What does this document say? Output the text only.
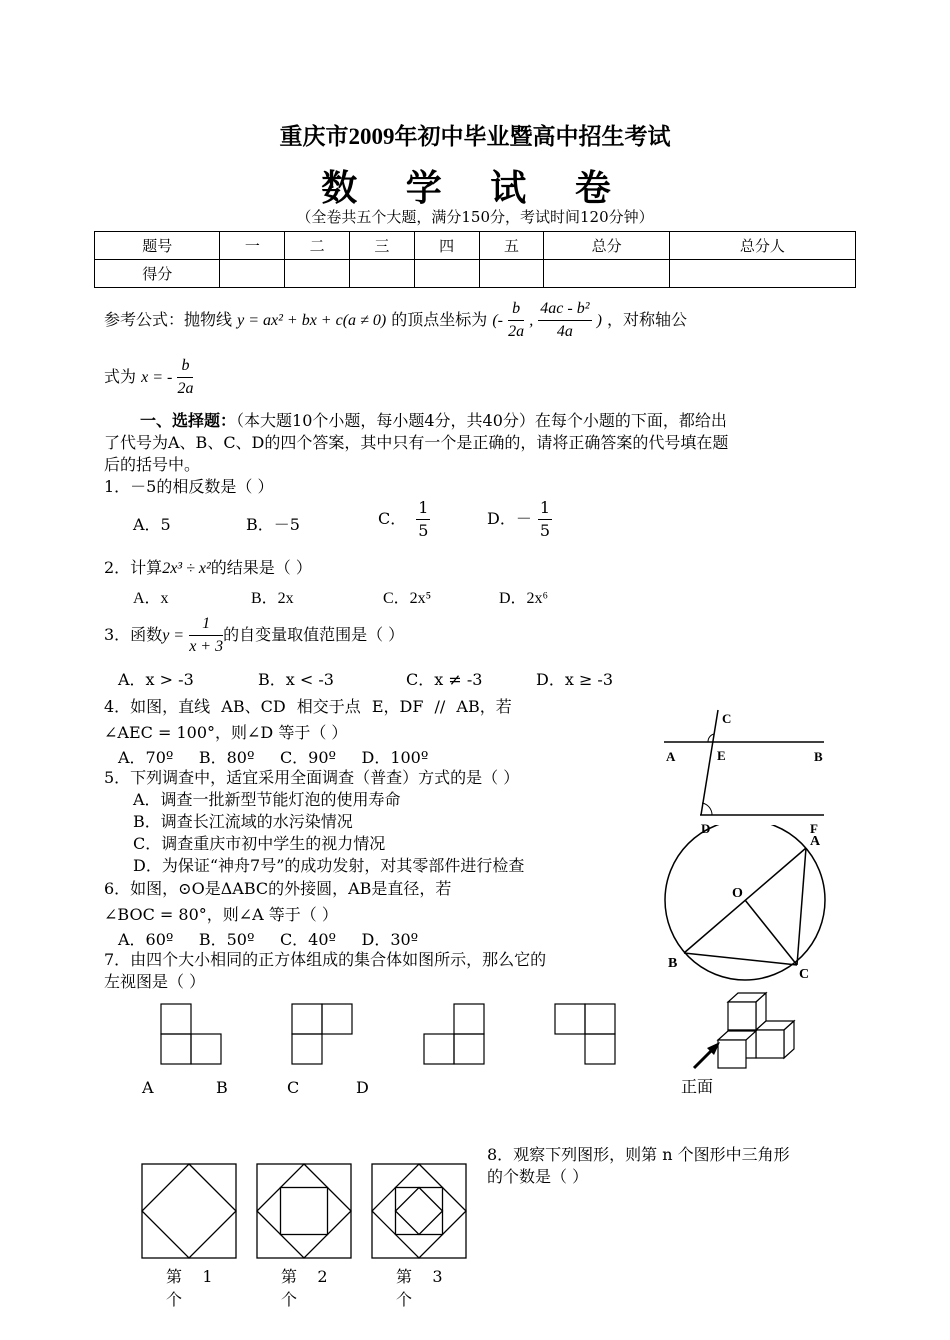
重庆市2009年初中毕业暨高中招生考试
数 学 试 卷
（全卷共五个大题，满分150分，考试时间120分钟）
题号	一	二	三	四	五	总分	总分人
得分							
参考公式：抛物线 y = ax² + bx + c(a ≠ 0) 的顶点坐标为 (- $\frac{b}{2a}$ , $\frac{\text{4ac - b²}}{4a}$ ) ，对称轴公
式为 x = - $\frac{b}{2a}$
一、选择题：（本大题10个小题，每小题4分，共40分）在每个小题的下面，都给出
了代号为A、B、C、D的四个答案，其中只有一个是正确的，请将正确答案的代号填在题
后的括号中。
1．－5的相反数是（ ）
A．5	B．－5	C． $\frac{1}{5}$	D．－ $\frac{1}{5}$
2．计算2x³ ÷ x²的结果是（ ）
A．x	B．2x	C．2x⁵	D．2x⁶
3．函数$y = \frac{1}{x + 3}$ 的自变量取值范围是（ ）
A．x > -3	B．x < -3	C．x ≠ -3	D．x ≥ -3
4．如图，直线 AB、CD 相交于点 E，DF // AB，若
∠AEC = 100°，则∠D 等于（ ）
A．70º     B．80º     C．90º     D．100º	A	B
C
E
D	F
5．下列调查中，适宜采用全面调查（普查）方式的是（ ）
A．调查一批新型节能灯泡的使用寿命
B．调查长江流域的水污染情况
C．调查重庆市初中学生的视力情况
D．为保证“神舟7号”的成功发射，对其零部件进行检查
6．如图，⊙O是ΔABC的外接圆，AB是直径，若
∠BOC = 80°，则∠A 等于（ ）
A．60º     B．50º     C．40º     D．30º
A
O
B
C
7．由四个大小相同的正方体组成的集合体如图所示，那么它的
左视图是（ ）
A	B	C	D	正面
8．观察下列图形，则第 n 个图形中三角形
的个数是（ ）
第    1
个
第    2
个
第    3
个
